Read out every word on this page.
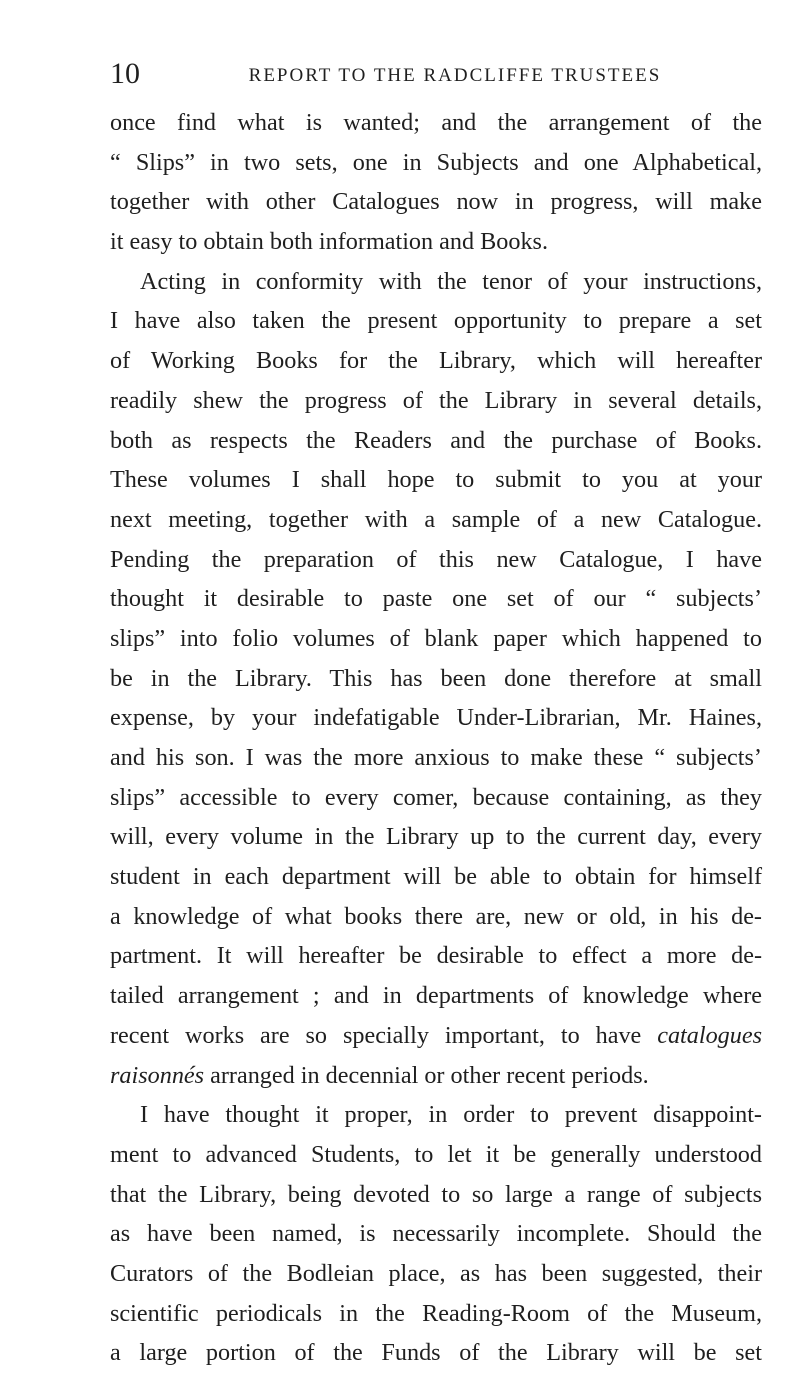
10	REPORT TO THE RADCLIFFE TRUSTEES
once find what is wanted; and the arrangement of the
“ Slips” in two sets, one in Subjects and one Alphabetical,
together with other Catalogues now in progress, will make
it easy to obtain both information and Books.
Acting in conformity with the tenor of your instructions,
I have also taken the present opportunity to prepare a set
of Working Books for the Library, which will hereafter
readily shew the progress of the Library in several details,
both as respects the Readers and the purchase of Books.
These volumes I shall hope to submit to you at your
next meeting, together with a sample of a new Catalogue.
Pending the preparation of this new Catalogue, I have
thought it desirable to paste one set of our “ subjects’
slips” into folio volumes of blank paper which happened to
be in the Library. This has been done therefore at small
expense, by your indefatigable Under-Librarian, Mr. Haines,
and his son. I was the more anxious to make these “ subjects’
slips” accessible to every comer, because containing, as they
will, every volume in the Library up to the current day, every
student in each department will be able to obtain for himself
a knowledge of what books there are, new or old, in his de-
partment. It will hereafter be desirable to effect a more de-
tailed arrangement ; and in departments of knowledge where
recent works are so specially important, to have catalogues
raisonnés arranged in decennial or other recent periods.
I have thought it proper, in order to prevent disappoint-
ment to advanced Students, to let it be generally understood
that the Library, being devoted to so large a range of subjects
as have been named, is necessarily incomplete. Should the
Curators of the Bodleian place, as has been suggested, their
scientific periodicals in the Reading-Room of the Museum,
a large portion of the Funds of the Library will be set
